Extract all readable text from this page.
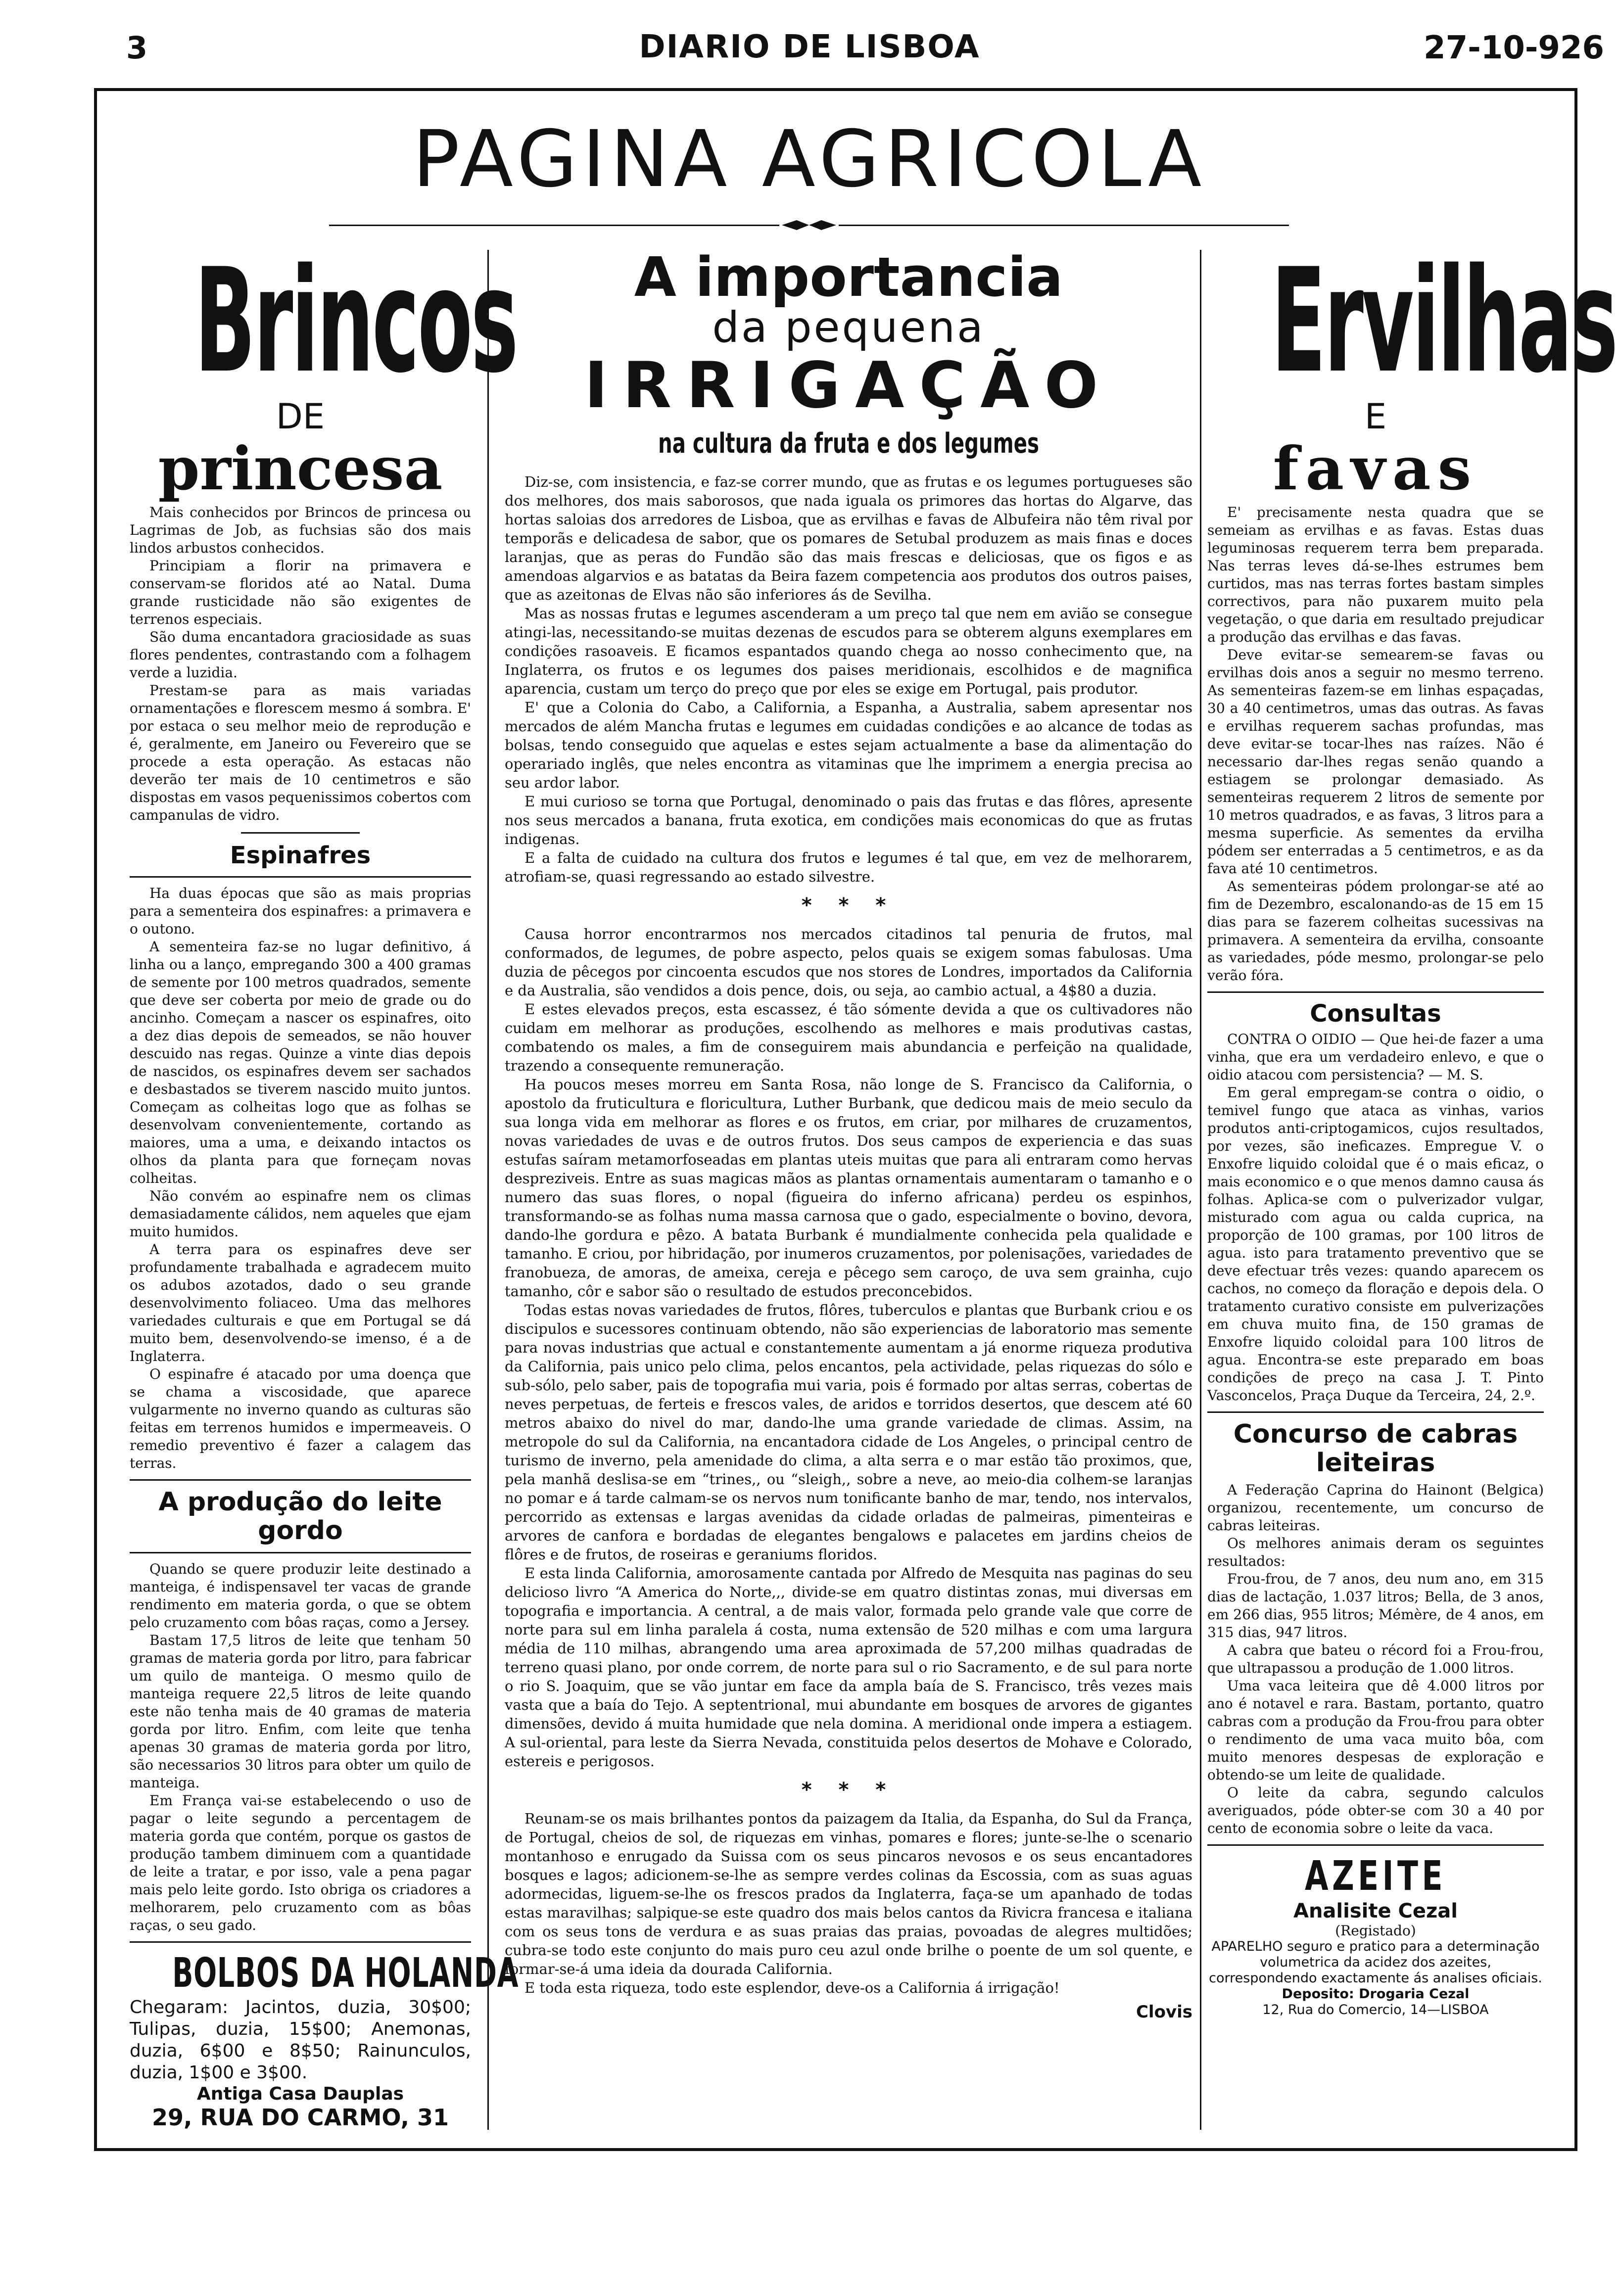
3	DIARIO DE LISBOA	27-10-926
PAGINA AGRICOLA
Brincos
DE
princesa

Mais conhecidos por Brincos de princesa ou Lagrimas de Job, as fuchsias são dos mais lindos arbustos conhecidos.

Principiam a florir na primavera e conservam-se floridos até ao Natal. Duma grande rusticidade não são exigentes de terrenos especiais.

São duma encantadora graciosidade as suas flores pendentes, contrastando com a folhagem verde a luzidia.

Prestam-se para as mais variadas ornamentações e florescem mesmo á sombra. E' por estaca o seu melhor meio de reprodução e é, geralmente, em Janeiro ou Fevereiro que se procede a esta operação. As estacas não deverão ter mais de 10 centimetros e são dispostas em vasos pequenissimos cobertos com campanulas de vidro.

Espinafres

Ha duas épocas que são as mais proprias para a sementeira dos espinafres: a primavera e o outono.

A sementeira faz-se no lugar definitivo, á linha ou a lanço, empregando 300 a 400 gramas de semente por 100 metros quadrados, semente que deve ser coberta por meio de grade ou do ancinho. Começam a nascer os espinafres, oito a dez dias depois de semeados, se não houver descuido nas regas. Quinze a vinte dias depois de nascidos, os espinafres devem ser sachados e desbastados se tiverem nascido muito juntos. Começam as colheitas logo que as folhas se desenvolvam convenientemente, cortando as maiores, uma a uma, e deixando intactos os olhos da planta para que forneçam novas colheitas.

Não convém ao espinafre nem os climas demasiadamente cálidos, nem aqueles que ejam muito humidos.

A terra para os espinafres deve ser profundamente trabalhada e agradecem muito os adubos azotados, dado o seu grande desenvolvimento foliaceo. Uma das melhores variedades culturais e que em Portugal se dá muito bem, desenvolvendo-se imenso, é a de Inglaterra.

O espinafre é atacado por uma doença que se chama a viscosidade, que aparece vulgarmente no inverno quando as culturas são feitas em terrenos humidos e impermeaveis. O remedio preventivo é fazer a calagem das terras.

A produção do leite gordo

Quando se quere produzir leite destinado a manteiga, é indispensavel ter vacas de grande rendimento em materia gorda, o que se obtem pelo cruzamento com bôas raças, como a Jersey.

Bastam 17,5 litros de leite que tenham 50 gramas de materia gorda por litro, para fabricar um quilo de manteiga. O mesmo quilo de manteiga requere 22,5 litros de leite quando este não tenha mais de 40 gramas de materia gorda por litro. Enfim, com leite que tenha apenas 30 gramas de materia gorda por litro, são necessarios 30 litros para obter um quilo de manteiga.

Em França vai-se estabelecendo o uso de pagar o leite segundo a percentagem de materia gorda que contém, porque os gastos de produção tambem diminuem com a quantidade de leite a tratar, e por isso, vale a pena pagar mais pelo leite gordo. Isto obriga os criadores a melhorarem, pelo cruzamento com as bôas raças, o seu gado.

BOLBOS DA HOLANDA
Chegaram: Jacintos, duzia, 30$00; Tulipas, duzia, 15$00; Anemonas, duzia, 6$00 e 8$50; Rainunculos, duzia, 1$00 e 3$00.
Antiga Casa Dauplas
29, RUA DO CARMO, 31
A importancia
da pequena
IRRIGAÇÃO
na cultura da fruta e dos legumes

Diz-se, com insistencia, e faz-se correr mundo, que as frutas e os legumes portugueses são dos melhores, dos mais saborosos, que nada iguala os primores das hortas do Algarve, das hortas saloias dos arredores de Lisboa, que as ervilhas e favas de Albufeira não têm rival por temporãs e delicadesa de sabor, que os pomares de Setubal produzem as mais finas e doces laranjas, que as peras do Fundão são das mais frescas e deliciosas, que os figos e as amendoas algarvios e as batatas da Beira fazem competencia aos produtos dos outros paises, que as azeitonas de Elvas não são inferiores ás de Sevilha.

Mas as nossas frutas e legumes ascenderam a um preço tal que nem em avião se consegue atingi-las, necessitando-se muitas dezenas de escudos para se obterem alguns exemplares em condições rasoaveis. E ficamos espantados quando chega ao nosso conhecimento que, na Inglaterra, os frutos e os legumes dos paises meridionais, escolhidos e de magnifica aparencia, custam um terço do preço que por eles se exige em Portugal, pais produtor.

E' que a Colonia do Cabo, a California, a Espanha, a Australia, sabem apresentar nos mercados de além Mancha frutas e legumes em cuidadas condições e ao alcance de todas as bolsas, tendo conseguido que aquelas e estes sejam actualmente a base da alimentação do operariado inglês, que neles encontra as vitaminas que lhe imprimem a energia precisa ao seu ardor labor.

E mui curioso se torna que Portugal, denominado o pais das frutas e das flôres, apresente nos seus mercados a banana, fruta exotica, em condições mais economicas do que as frutas indigenas.

E a falta de cuidado na cultura dos frutos e legumes é tal que, em vez de melhorarem, atrofiam-se, quasi regressando ao estado silvestre.

* * *

Causa horror encontrarmos nos mercados citadinos tal penuria de frutos, mal conformados, de legumes, de pobre aspecto, pelos quais se exigem somas fabulosas. Uma duzia de pêcegos por cincoenta escudos que nos stores de Londres, importados da California e da Australia, são vendidos a dois pence, dois, ou seja, ao cambio actual, a 4$80 a duzia.

E estes elevados preços, esta escassez, é tão sómente devida a que os cultivadores não cuidam em melhorar as produções, escolhendo as melhores e mais produtivas castas, combatendo os males, a fim de conseguirem mais abundancia e perfeição na qualidade, trazendo a consequente remuneração.

Ha poucos meses morreu em Santa Rosa, não longe de S. Francisco da California, o apostolo da fruticultura e floricultura, Luther Burbank, que dedicou mais de meio seculo da sua longa vida em melhorar as flores e os frutos, em criar, por milhares de cruzamentos, novas variedades de uvas e de outros frutos. Dos seus campos de experiencia e das suas estufas saíram metamorfoseadas em plantas uteis muitas que para ali entraram como hervas despreziveis. Entre as suas magicas mãos as plantas ornamentais aumentaram o tamanho e o numero das suas flores, o nopal (figueira do inferno africana) perdeu os espinhos, transformando-se as folhas numa massa carnosa que o gado, especialmente o bovino, devora, dando-lhe gordura e pêzo. A batata Burbank é mundialmente conhecida pela qualidade e tamanho. E criou, por hibridação, por inumeros cruzamentos, por polenisações, variedades de franobueza, de amoras, de ameixa, cereja e pêcego sem caroço, de uva sem grainha, cujo tamanho, côr e sabor são o resultado de estudos preconcebidos.

Todas estas novas variedades de frutos, flôres, tuberculos e plantas que Burbank criou e os discipulos e sucessores continuam obtendo, não são experiencias de laboratorio mas semente para novas industrias que actual e constantemente aumentam a já enorme riqueza produtiva da California, pais unico pelo clima, pelos encantos, pela actividade, pelas riquezas do sólo e sub-sólo, pelo saber, pais de topografia mui varia, pois é formado por altas serras, cobertas de neves perpetuas, de ferteis e frescos vales, de aridos e torridos desertos, que descem até 60 metros abaixo do nivel do mar, dando-lhe uma grande variedade de climas. Assim, na metropole do sul da California, na encantadora cidade de Los Angeles, o principal centro de turismo de inverno, pela amenidade do clima, a alta serra e o mar estão tão proximos, que, pela manhã deslisa-se em “trines,, ou “sleigh,, sobre a neve, ao meio-dia colhem-se laranjas no pomar e á tarde calmam-se os nervos num tonificante banho de mar, tendo, nos intervalos, percorrido as extensas e largas avenidas da cidade orladas de palmeiras, pimenteiras e arvores de canfora e bordadas de elegantes bengalows e palacetes em jardins cheios de flôres e de frutos, de roseiras e geraniums floridos.

E esta linda California, amorosamente cantada por Alfredo de Mesquita nas paginas do seu delicioso livro “A America do Norte,,, divide-se em quatro distintas zonas, mui diversas em topografia e importancia. A central, a de mais valor, formada pelo grande vale que corre de norte para sul em linha paralela á costa, numa extensão de 520 milhas e com uma largura média de 110 milhas, abrangendo uma area aproximada de 57,200 milhas quadradas de terreno quasi plano, por onde correm, de norte para sul o rio Sacramento, e de sul para norte o rio S. Joaquim, que se vão juntar em face da ampla baía de S. Francisco, três vezes mais vasta que a baía do Tejo. A septentrional, mui abundante em bosques de arvores de gigantes dimensões, devido á muita humidade que nela domina. A meridional onde impera a estiagem. A sul-oriental, para leste da Sierra Nevada, constituida pelos desertos de Mohave e Colorado, estereis e perigosos.

* * *

Reunam-se os mais brilhantes pontos da paizagem da Italia, da Espanha, do Sul da França, de Portugal, cheios de sol, de riquezas em vinhas, pomares e flores; junte-se-lhe o scenario montanhoso e enrugado da Suissa com os seus pincaros nevosos e os seus encantadores bosques e lagos; adicionem-se-lhe as sempre verdes colinas da Escossia, com as suas aguas adormecidas, liguem-se-lhe os frescos prados da Inglaterra, faça-se um apanhado de todas estas maravilhas; salpique-se este quadro dos mais belos cantos da Rivicra francesa e italiana com os seus tons de verdura e as suas praias das praias, povoadas de alegres multidões; cubra-se todo este conjunto do mais puro ceu azul onde brilhe o poente de um sol quente, e formar-se-á uma ideia da dourada California.

E toda esta riqueza, todo este esplendor, deve-os a California á irrigação!

Clovis
Ervilhas
E
favas

E' precisamente nesta quadra que se semeiam as ervilhas e as favas. Estas duas leguminosas requerem terra bem preparada. Nas terras leves dá-se-lhes estrumes bem curtidos, mas nas terras fortes bastam simples correctivos, para não puxarem muito pela vegetação, o que daria em resultado prejudicar a produção das ervilhas e das favas.

Deve evitar-se semearem-se favas ou ervilhas dois anos a seguir no mesmo terreno. As sementeiras fazem-se em linhas espaçadas, 30 a 40 centimetros, umas das outras. As favas e ervilhas requerem sachas profundas, mas deve evitar-se tocar-lhes nas raízes. Não é necessario dar-lhes regas senão quando a estiagem se prolongar demasiado. As sementeiras requerem 2 litros de semente por 10 metros quadrados, e as favas, 3 litros para a mesma superficie. As sementes da ervilha pódem ser enterradas a 5 centimetros, e as da fava até 10 centimetros.

As sementeiras pódem prolongar-se até ao fim de Dezembro, escalonando-as de 15 em 15 dias para se fazerem colheitas sucessivas na primavera. A sementeira da ervilha, consoante as variedades, póde mesmo, prolongar-se pelo verão fóra.

Consultas

CONTRA O OIDIO — Que hei-de fazer a uma vinha, que era um verdadeiro enlevo, e que o oidio atacou com persistencia? — M. S.

Em geral empregam-se contra o oidio, o temivel fungo que ataca as vinhas, varios produtos anti-criptogamicos, cujos resultados, por vezes, são ineficazes. Empregue V. o Enxofre liquido coloidal que é o mais eficaz, o mais economico e o que menos damno causa ás folhas. Aplica-se com o pulverizador vulgar, misturado com agua ou calda cuprica, na proporção de 100 gramas, por 100 litros de agua. isto para tratamento preventivo que se deve efectuar três vezes: quando aparecem os cachos, no começo da floração e depois dela. O tratamento curativo consiste em pulverizações em chuva muito fina, de 150 gramas de Enxofre liquido coloidal para 100 litros de agua. Encontra-se este preparado em boas condições de preço na casa J. T. Pinto Vasconcelos, Praça Duque da Terceira, 24, 2.º.

Concurso de cabras leiteiras

A Federação Caprina do Hainont (Belgica) organizou, recentemente, um concurso de cabras leiteiras.

Os melhores animais deram os seguintes resultados:

Frou-frou, de 7 anos, deu num ano, em 315 dias de lactação, 1.037 litros; Bella, de 3 anos, em 266 dias, 955 litros; Mémère, de 4 anos, em 315 dias, 947 litros.

A cabra que bateu o récord foi a Frou-frou, que ultrapassou a produção de 1.000 litros.

Uma vaca leiteira que dê 4.000 litros por ano é notavel e rara. Bastam, portanto, quatro cabras com a produção da Frou-frou para obter o rendimento de uma vaca muito bôa, com muito menores despesas de exploração e obtendo-se um leite de qualidade.

O leite da cabra, segundo calculos averiguados, póde obter-se com 30 a 40 por cento de economia sobre o leite da vaca.

AZEITE
Analisite Cezal
(Registado)
APARELHO seguro e pratico para a determinação volumetrica da acidez dos azeites, correspondendo exactamente ás analises oficiais.
Deposito: Drogaria Cezal
12, Rua do Comercio, 14—LISBOA
